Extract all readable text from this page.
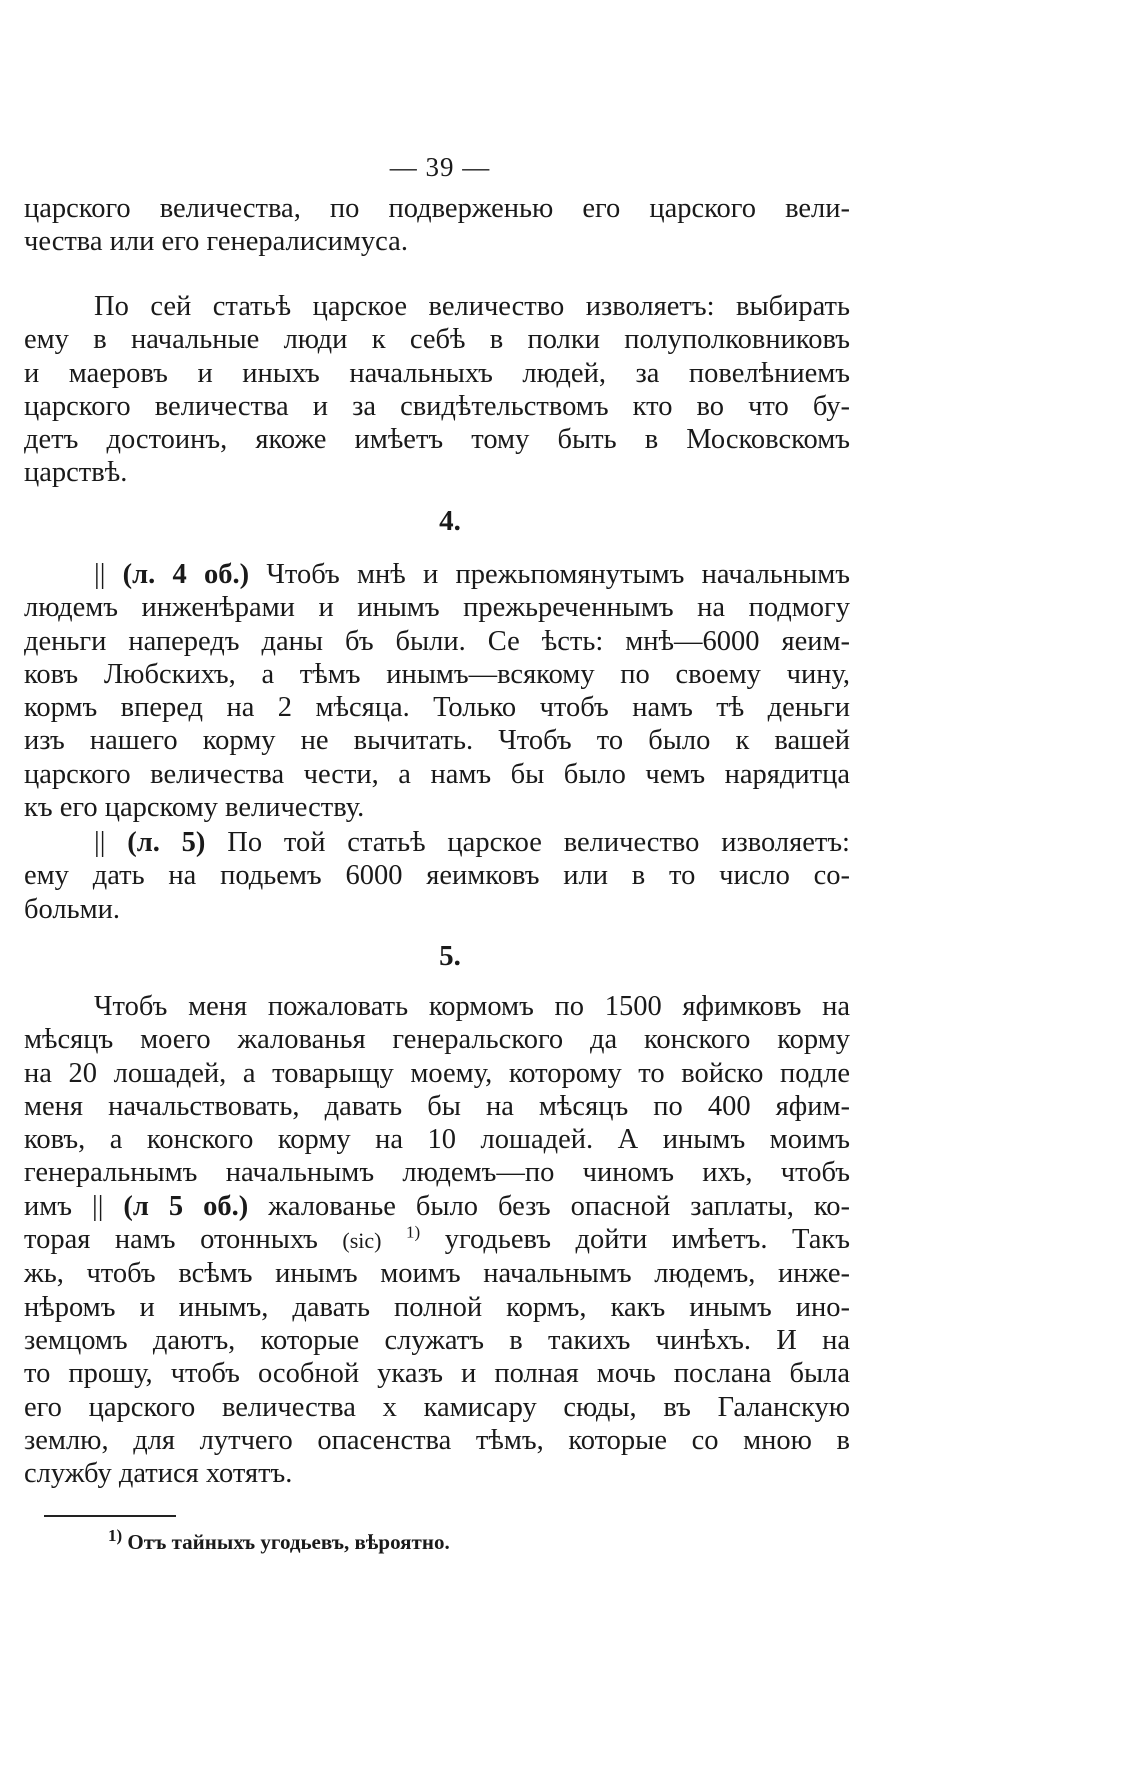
— 39 —
царского величества, по подверженью его царского вели-
чества или его генералисимуса.
По сей статьѣ царское величество изволяетъ: выбирать
ему в начальные люди к себѣ в полки полуполковниковъ
и маеровъ и иныхъ начальныхъ людей, за повелѣниемъ
царского величества и за свидѣтельствомъ кто во что бу-
детъ достоинъ, якоже имѣетъ тому быть в Московскомъ
царствѣ.
4.
|| (л. 4 об.) Чтобъ мнѣ и прежьпомянутымъ начальнымъ
людемъ инженѣрами и инымъ прежьреченнымъ на подмогу
деньги напередъ даны бъ были. Се ѣсть: мнѣ—6000 яеим-
ковъ Любскихъ, а тѣмъ инымъ—всякому по своему чину,
кормъ вперед на 2 мѣсяца. Только чтобъ намъ тѣ деньги
изъ нашего корму не вычитать. Чтобъ то было к вашей
царского величества чести, а намъ бы было чемъ нарядитца
къ его царскому величеству.
|| (л. 5) По той статьѣ царское величество изволяетъ:
ему дать на подьемъ 6000 яеимковъ или в то число со-
больми.
5.
Чтобъ меня пожаловать кормомъ по 1500 яфимковъ на
мѣсяцъ моего жалованья генеральского да конского корму
на 20 лошадей, а товарыщу моему, которому то войско подле
меня начальствовать, давать бы на мѣсяцъ по 400 яфим-
ковъ, а конского корму на 10 лошадей. А инымъ моимъ
генеральнымъ начальнымъ людемъ—по чиномъ ихъ, чтобъ
имъ || (л 5 об.) жалованье было безъ опасной заплаты, ко-
торая намъ отонныхъ (sic) $^{1)}$ угодьевъ дойти имѣетъ. Такъ
жь, чтобъ всѣмъ инымъ моимъ начальнымъ людемъ, инже-
нѣромъ и инымъ, давать полной кормъ, какъ инымъ ино-
земцомъ даютъ, которые служатъ в такихъ чинѣхъ. И на
то прошу, чтобъ особной указъ и полная мочь послана была
его царского величества х камисару сюды, въ Галанскую
землю, для лутчего опасенства тѣмъ, которые со мною в
службу датися хотятъ.
$^{1)}$ Отъ тайныхъ угодьевъ, вѣроятно.
